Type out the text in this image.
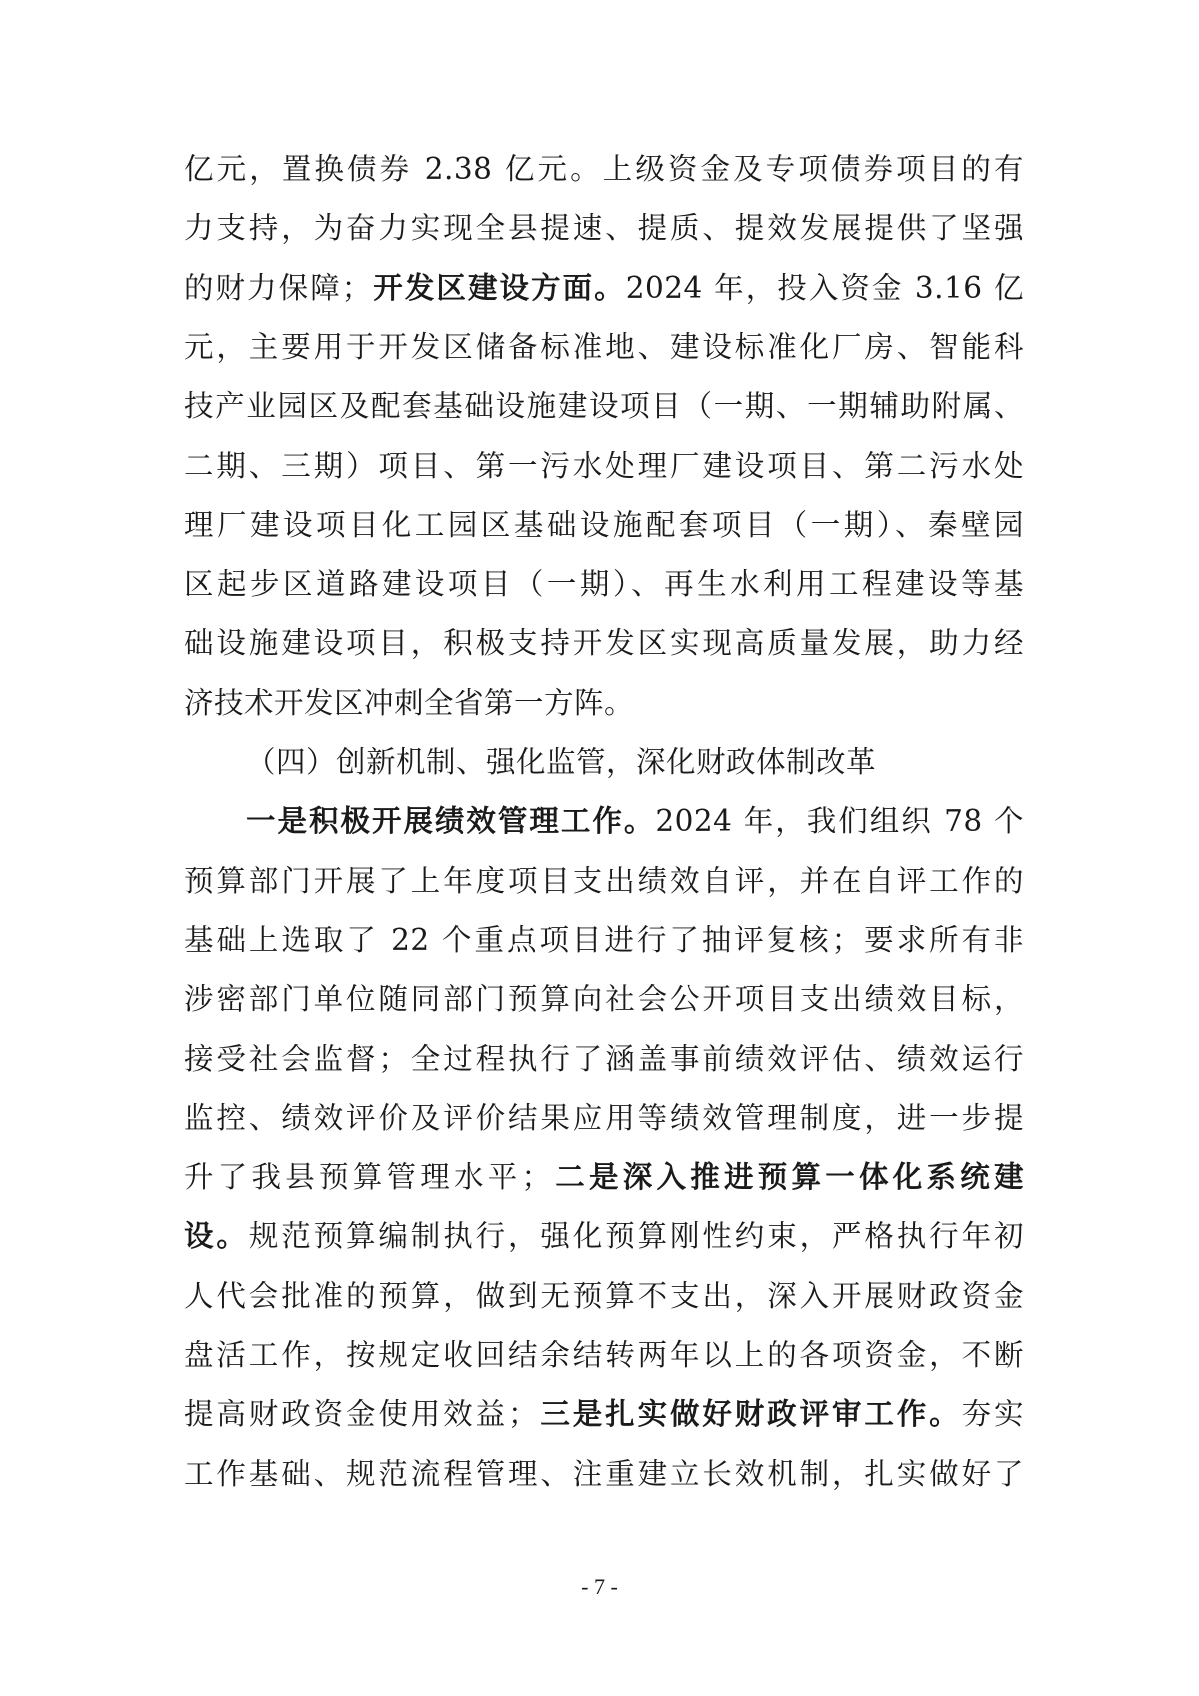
亿元，置换债券 2.38 亿元。上级资金及专项债券项目的有
力支持，为奋力实现全县提速、提质、提效发展提供了坚强
的财力保障；开发区建设方面。2024 年，投入资金 3.16 亿
元，主要用于开发区储备标准地、建设标准化厂房、智能科
技产业园区及配套基础设施建设项目（一期、一期辅助附属、
二期、三期）项目、第一污水处理厂建设项目、第二污水处
理厂建设项目化工园区基础设施配套项目（一期）、秦壁园
区起步区道路建设项目（一期）、再生水利用工程建设等基
础设施建设项目，积极支持开发区实现高质量发展，助力经
济技术开发区冲刺全省第一方阵。
（四）创新机制、强化监管，深化财政体制改革
一是积极开展绩效管理工作。2024 年，我们组织 78 个
预算部门开展了上年度项目支出绩效自评，并在自评工作的
基础上选取了 22 个重点项目进行了抽评复核；要求所有非
涉密部门单位随同部门预算向社会公开项目支出绩效目标，
接受社会监督；全过程执行了涵盖事前绩效评估、绩效运行
监控、绩效评价及评价结果应用等绩效管理制度，进一步提
升了我县预算管理水平；二是深入推进预算一体化系统建
设。规范预算编制执行，强化预算刚性约束，严格执行年初
人代会批准的预算，做到无预算不支出，深入开展财政资金
盘活工作，按规定收回结余结转两年以上的各项资金，不断
提高财政资金使用效益；三是扎实做好财政评审工作。夯实
工作基础、规范流程管理、注重建立长效机制，扎实做好了
- 7 -
